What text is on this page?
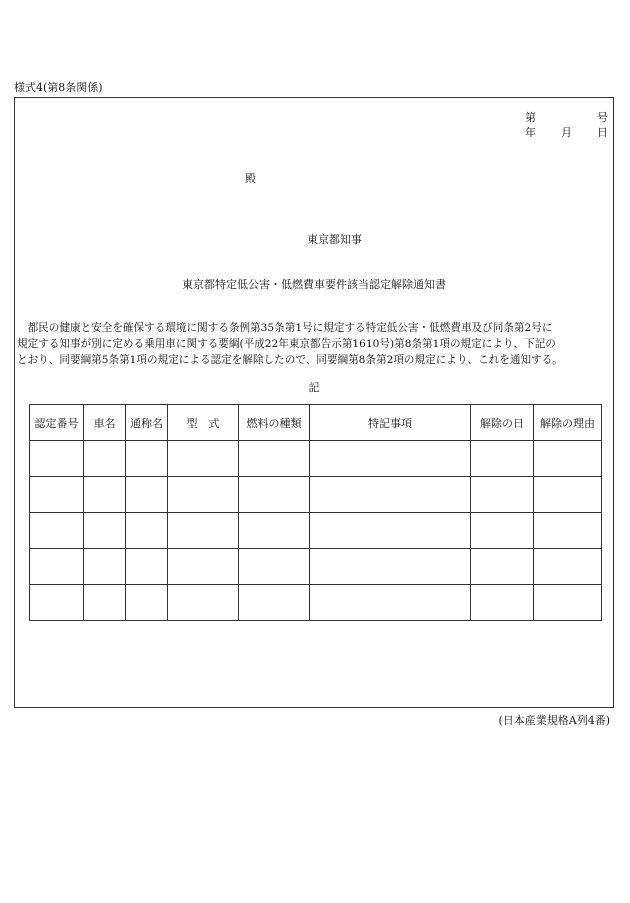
様式4(第8条関係)
第	号
年	月	日
殿
東京都知事
東京都特定低公害・低燃費車要件該当認定解除通知書

　都民の健康と安全を確保する環境に関する条例第35条第1号に規定する特定低公害・低燃費車及び同条第2号に

規定する知事が別に定める乗用車に関する要綱(平成22年東京都告示第1610号)第8条第1項の規定により、下記の

とおり、同要綱第5条第1項の規定による認定を解除したので、同要綱第8条第2項の規定により、これを通知する。

記
認定番号	車名	通称名	型　式	燃料の種類	特記事項	解除の日	解除の理由

(日本産業規格A列4番)
